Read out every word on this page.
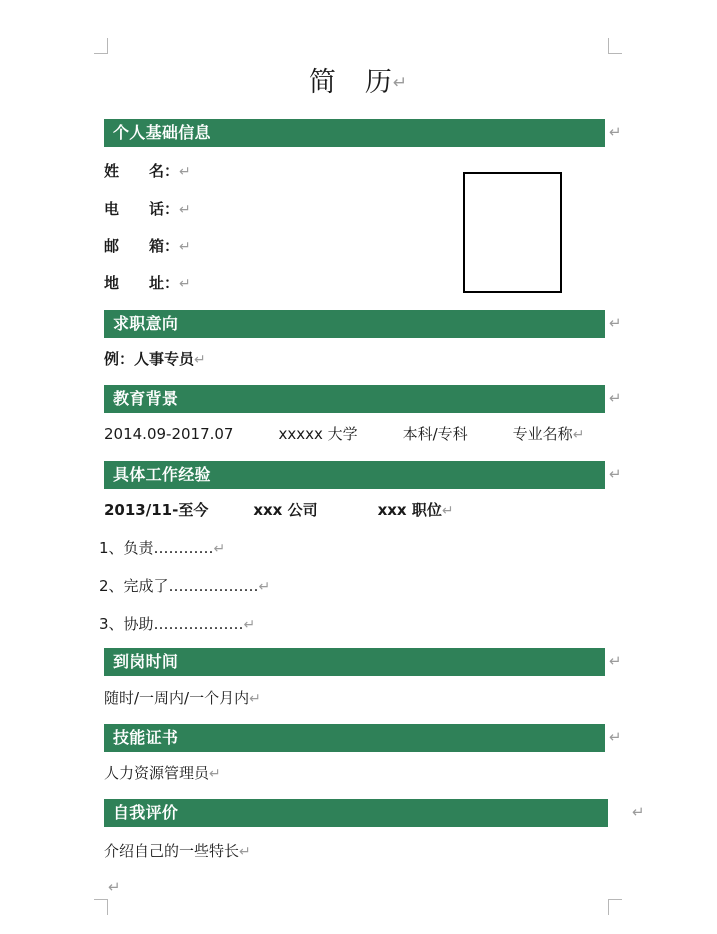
简　历↵
个人基础信息	↵
姓　　名：↵
电　　话：↵
邮　　箱：↵
地　　址：↵
求职意向	↵
例：人事专员↵
教育背景	↵
2014.09-2017.07　　　xxxxx 大学　　　本科/专科　　　专业名称↵
具体工作经验	↵
2013/11-至今　　　xxx 公司　　　　xxx 职位↵
1、负责…………↵
2、完成了………………↵
3、协助………………↵
到岗时间	↵
随时/一周内/一个月内↵
技能证书	↵
人力资源管理员↵
自我评价	↵
介绍自己的一些特长↵
↵
